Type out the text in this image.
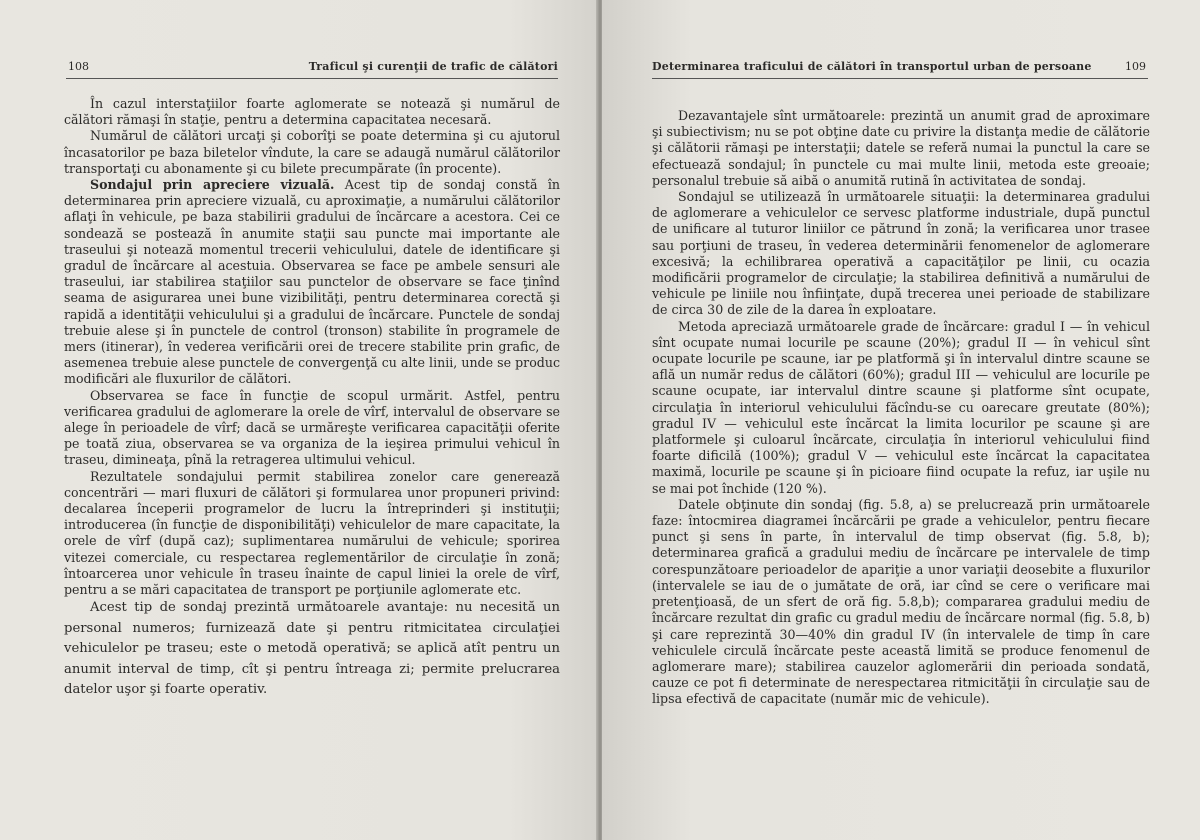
108	Traficul şi curenţii de trafic de călători

În cazul interstaţiilor foarte aglomerate se notează şi numărul de călători rămaşi în staţie, pentru a determina capacitatea necesară.

Numărul de călători urcaţi şi coborîţi se poate determina şi cu ajutorul încasatorilor pe baza biletelor vîndute, la care se adaugă numărul călătorilor transportaţi cu abonamente şi cu bilete precumpărate (în procente).

Sondajul prin apreciere vizuală. Acest tip de sondaj constă în determinarea prin apreciere vizuală, cu aproximaţie, a numărului călătorilor aflaţi în vehicule, pe baza stabilirii gradului de încărcare a acestora. Cei ce sondează se postează în anumite staţii sau puncte mai importante ale traseului şi notează momentul trecerii vehiculului, datele de identificare şi gradul de încărcare al acestuia. Observarea se face pe ambele sensuri ale traseului, iar stabilirea staţiilor sau punctelor de observare se face ţinînd seama de asigurarea unei bune vizibilităţi, pentru determinarea corectă şi rapidă a identităţii vehiculului şi a gradului de încărcare. Punctele de sondaj trebuie alese şi în punctele de control (tronson) stabilite în programele de mers (itinerar), în vederea verificării orei de trecere stabilite prin grafic, de asemenea trebuie alese punctele de convergenţă cu alte linii, unde se produc modificări ale fluxurilor de călători.

Observarea se face în funcţie de scopul urmărit. Astfel, pentru verificarea gradului de aglomerare la orele de vîrf, intervalul de observare se alege în perioadele de vîrf; dacă se urmăreşte verificarea capacităţii oferite pe toată ziua, observarea se va organiza de la ieşirea primului vehicul în traseu, dimineaţa, pînă la retragerea ultimului vehicul.

Rezultatele sondajului permit stabilirea zonelor care generează concentrări — mari fluxuri de călători şi formularea unor propuneri privind: decalarea începerii programelor de lucru la întreprinderi şi instituţii; introducerea (în funcţie de disponibilităţi) vehiculelor de mare capacitate, la orele de vîrf (după caz); suplimentarea numărului de vehicule; sporirea vitezei comerciale, cu respectarea reglementărilor de circulaţie în zonă; întoarcerea unor vehicule în traseu înainte de capul liniei la orele de vîrf, pentru a se mări capacitatea de transport pe porţiunile aglomerate etc.

Acest tip de sondaj prezintă următoarele avantaje: nu necesită un personal numeros; furnizează date şi pentru ritmicitatea circulaţiei vehiculelor pe traseu; este o metodă operativă; se aplică atît pentru un anumit interval de timp, cît şi pentru întreaga zi; permite prelucrarea datelor uşor şi foarte operativ.

Determinarea traficului de călători în transportul urban de persoane	109

Dezavantajele sînt următoarele: prezintă un anumit grad de aproximare şi subiectivism; nu se pot obţine date cu privire la distanţa medie de călătorie şi călătorii rămaşi pe interstaţii; datele se referă numai la punctul la care se efectuează sondajul; în punctele cu mai multe linii, metoda este greoaie; personalul trebuie să aibă o anumită rutină în activitatea de sondaj.

Sondajul se utilizează în următoarele situaţii: la determinarea gradului de aglomerare a vehiculelor ce servesc platforme industriale, după punctul de unificare al tuturor liniilor ce pătrund în zonă; la verificarea unor trasee sau porţiuni de traseu, în vederea determinării fenomenelor de aglomerare excesivă; la echilibrarea operativă a capacităţilor pe linii, cu ocazia modificării programelor de circulaţie; la stabilirea definitivă a numărului de vehicule pe liniile nou înfiinţate, după trecerea unei perioade de stabilizare de circa 30 de zile de la darea în exploatare.

Metoda apreciază următoarele grade de încărcare: gradul I — în vehicul sînt ocupate numai locurile pe scaune (20%); gradul II — în vehicul sînt ocupate locurile pe scaune, iar pe platformă şi în intervalul dintre scaune se află un număr redus de călători (60%); gradul III — vehiculul are locurile pe scaune ocupate, iar intervalul dintre scaune şi platforme sînt ocupate, circulaţia în interiorul vehiculului făcîndu-se cu oarecare greutate (80%); gradul IV — vehiculul este încărcat la limita locurilor pe scaune şi are platformele şi culoarul încărcate, circulaţia în interiorul vehiculului fiind foarte dificilă (100%); gradul V — vehiculul este încărcat la capacitatea maximă, locurile pe scaune şi în picioare fiind ocupate la refuz, iar uşile nu se mai pot închide (120 %).

Datele obţinute din sondaj (fig. 5.8, a) se prelucrează prin următoarele faze: întocmirea diagramei încărcării pe grade a vehiculelor, pentru fiecare punct şi sens în parte, în intervalul de timp observat (fig. 5.8, b); determinarea grafică a gradului mediu de încărcare pe intervalele de timp corespunzătoare perioadelor de apariţie a unor variaţii deosebite a fluxurilor (intervalele se iau de o jumătate de oră, iar cînd se cere o verificare mai pretenţioasă, de un sfert de oră fig. 5.8,b); compararea gradului mediu de încărcare rezultat din grafic cu gradul mediu de încărcare normal (fig. 5.8, b) şi care reprezintă 30—40% din gradul IV (în intervalele de timp în care vehiculele circulă încărcate peste această limită se produce fenomenul de aglomerare mare); stabilirea cauzelor aglomerării din perioada sondată, cauze ce pot fi determinate de nerespectarea ritmicităţii în circulaţie sau de lipsa efectivă de capacitate (număr mic de vehicule).
